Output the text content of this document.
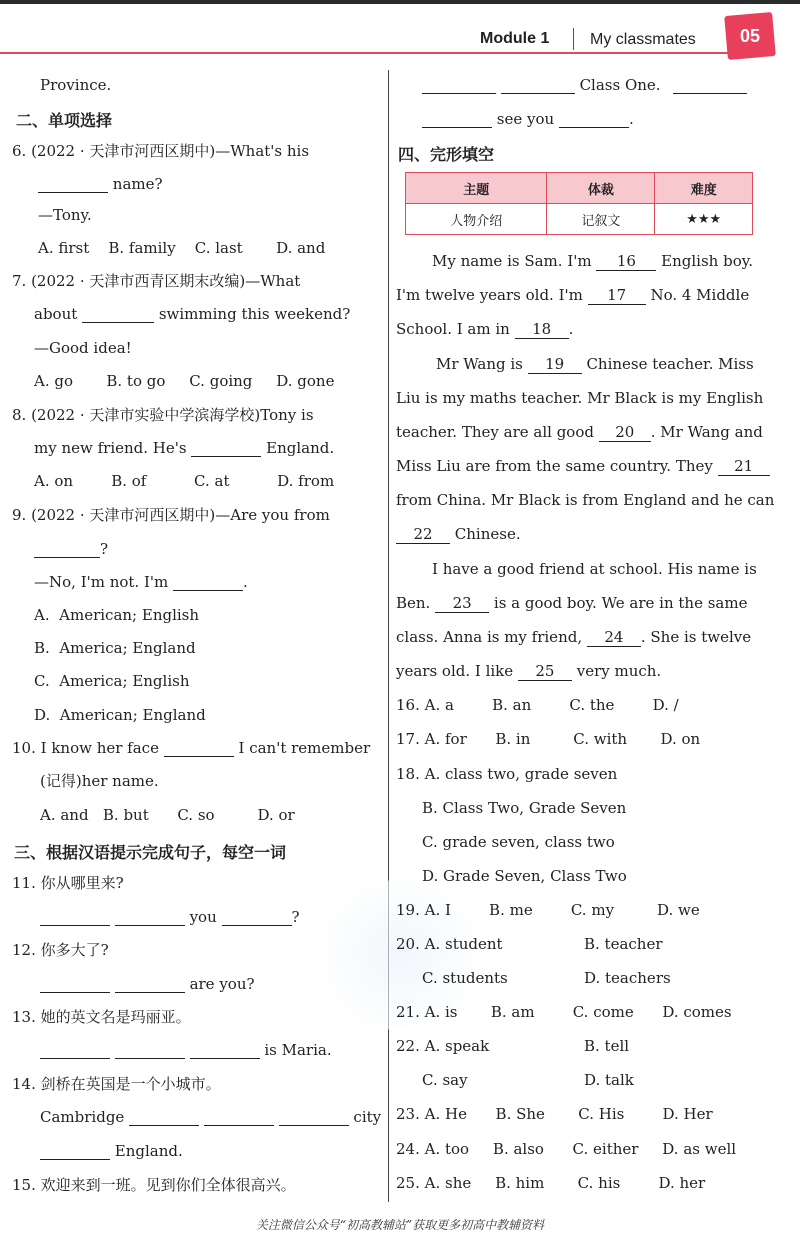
Module 1	My classmates	05
Province.
二、单项选择
6. (2022 · 天津市河西区期中)—What's his
name?
—Tony.
A. first    B. family    C. last       D. and
7. (2022 · 天津市西青区期末改编)—What
about	swimming this weekend?
—Good idea!
A. go       B. to go     C. going     D. gone
8. (2022 · 天津市实验中学滨海学校)Tony is
my new friend. He's	England.
A. on        B. of          C. at          D. from
9. (2022 · 天津市河西区期中)—Are you from
?
—No, I'm not. I'm	.
A.  American; English
B.  America; England
C.  America; English
D.  American; England
10. I know her face	I can't remember
(记得)her name.
A. and   B. but      C. so         D. or
三、根据汉语提示完成句子，每空一词
11. 你从哪里来?
you	?
12. 你多大了?
are you?
13. 她的英文名是玛丽亚。
is Maria.
14. 剑桥在英国是一个小城市。
Cambridge	city
England.
15. 欢迎来到一班。见到你们全体很高兴。
Class One.
see you	.
四、完形填空
主题	体裁	难度
人物介绍	记叙文	★★★
My name is Sam. I'm 16 English boy.
I'm twelve years old. I'm 17 No. 4 Middle
School. I am in 18 .
Mr Wang is 19 Chinese teacher. Miss
Liu is my maths teacher. Mr Black is my English
teacher. They are all good 20 . Mr Wang and
Miss Liu are from the same country. They 21
from China. Mr Black is from England and he can
22 Chinese.
I have a good friend at school. His name is
Ben. 23 is a good boy. We are in the same
class. Anna is my friend, 24 . She is twelve
years old. I like 25 very much.
16. A. a        B. an        C. the        D. /
17. A. for      B. in         C. with       D. on
18. A. class two, grade seven
B. Class Two, Grade Seven
C. grade seven, class two
D. Grade Seven, Class Two
19. A. I        B. me        C. my         D. we
20. A. student	B. teacher
C. students	D. teachers
21. A. is       B. am        C. come      D. comes
22. A. speak	B. tell
C. say	D. talk
23. A. He      B. She       C. His        D. Her
24. A. too     B. also      C. either     D. as well
25. A. she     B. him       C. his        D. her
关注微信公众号“初高教辅站”获取更多初高中教辅资料
